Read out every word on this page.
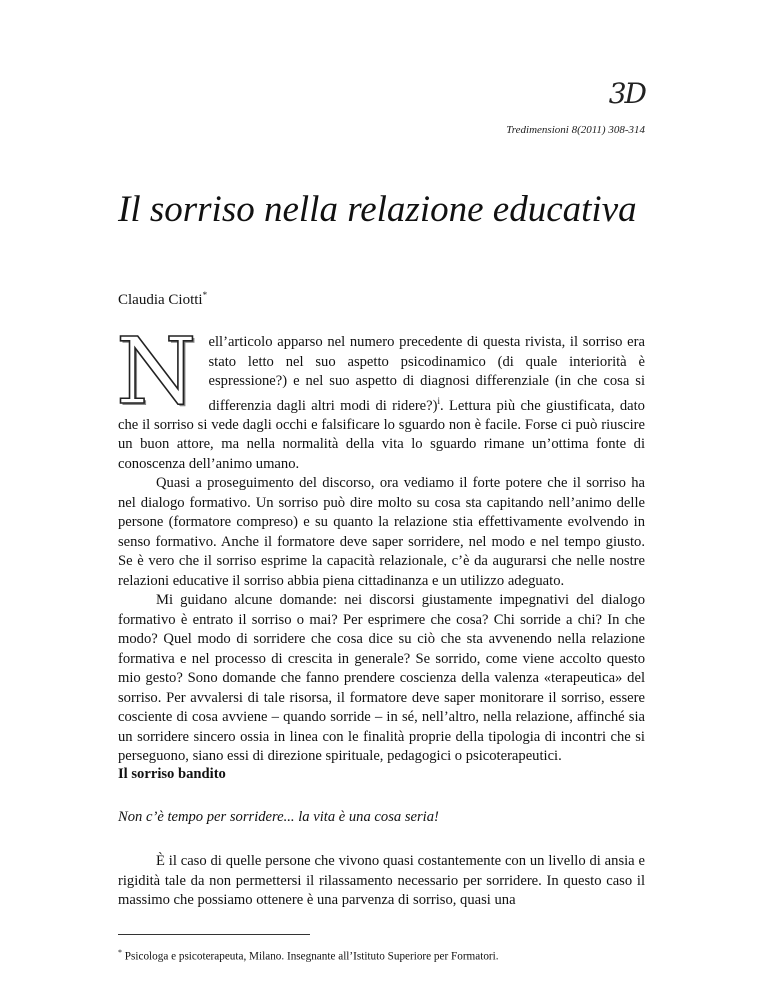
3D
Tredimensioni 8(2011) 308-314
Il sorriso nella relazione educativa
Claudia Ciotti*

Nell’articolo apparso nel numero precedente di questa rivista, il sorriso era stato letto nel suo aspetto psicodinamico (di quale interiorità è espressione?) e nel suo aspetto di diagnosi differenziale (in che cosa si differenzia dagli altri modi di ridere?)$^i$. Lettura più che giustificata, dato che il sorriso si vede dagli occhi e falsificare lo sguardo non è facile. Forse ci può riuscire un buon attore, ma nella normalità della vita lo sguardo rimane un’ottima fonte di conoscenza dell’animo umano.

Quasi a proseguimento del discorso, ora vediamo il forte potere che il sorriso ha nel dialogo formativo. Un sorriso può dire molto su cosa sta capitando nell’animo delle persone (formatore compreso) e su quanto la relazione stia effettivamente evolvendo in senso formativo. Anche il formatore deve saper sorridere, nel modo e nel tempo giusto. Se è vero che il sorriso esprime la capacità relazionale, c’è da augurarsi che nelle nostre relazioni educative il sorriso abbia piena cittadinanza e un utilizzo adeguato.

Mi guidano alcune domande: nei discorsi giustamente impegnativi del dialogo formativo è entrato il sorriso o mai? Per esprimere che cosa? Chi sorride a chi? In che modo? Quel modo di sorridere che cosa dice su ciò che sta avvenendo nella relazione formativa e nel processo di crescita in generale? Se sorrido, come viene accolto questo mio gesto? Sono domande che fanno prendere coscienza della valenza «terapeutica» del sorriso. Per avvalersi di tale risorsa, il formatore deve saper monitorare il sorriso, essere cosciente di cosa avviene – quando sorride – in sé, nell’altro, nella relazione, affinché sia un sorridere sincero ossia in linea con le finalità proprie della tipologia di incontri che si perseguono, siano essi di direzione spirituale, pedagogici o psicoterapeutici.

Il sorriso bandito
Non c’è tempo per sorridere... la vita è una cosa seria!

È il caso di quelle persone che vivono quasi costantemente con un livello di ansia e rigidità tale da non permettersi il rilassamento necessario per sorridere. In questo caso il massimo che possiamo ottenere è una parvenza di sorriso, quasi una

* Psicologa e psicoterapeuta, Milano. Insegnante all’Istituto Superiore per Formatori.
